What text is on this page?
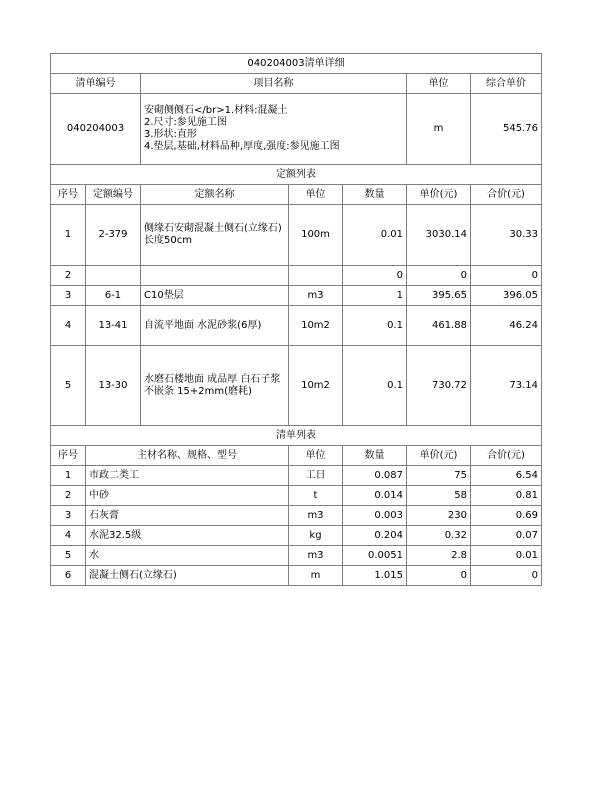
040204003清单详细						
清单编号		项目名称			单位	综合单价
040204003		安砌侧侧石</br>1.材料:混凝土
2.尺寸:参见施工图
3.形状:直形
4.垫层,基础,材料品种,厚度,强度:参见施工图			m	545.76
定额列表						
序号	定额编号	定额名称	单位	数量	单价(元)	合价(元)
1	2-379	侧缘石安砌混凝土侧石(立缘石) 长度50cm	100m	0.01	3030.14	30.33
2				0	0	0
3	6-1	C10垫层	m3	1	395.65	396.05
4	13-41	自流平地面 水泥砂浆(6厚)	10m2	0.1	461.88	46.24
5	13-30	水磨石楼地面 成品厚 白石子浆不嵌条 15+2mm(磨耗)	10m2	0.1	730.72	73.14
清单列表						
序号	主材名称、规格、型号		单位	数量	单价(元)	合价(元)
1	市政二类工		工日	0.087	75	6.54
2	中砂		t	0.014	58	0.81
3	石灰膏		m3	0.003	230	0.69
4	水泥32.5级		kg	0.204	0.32	0.07
5	水		m3	0.0051	2.8	0.01
6	混凝土侧石(立缘石)		m	1.015	0	0
